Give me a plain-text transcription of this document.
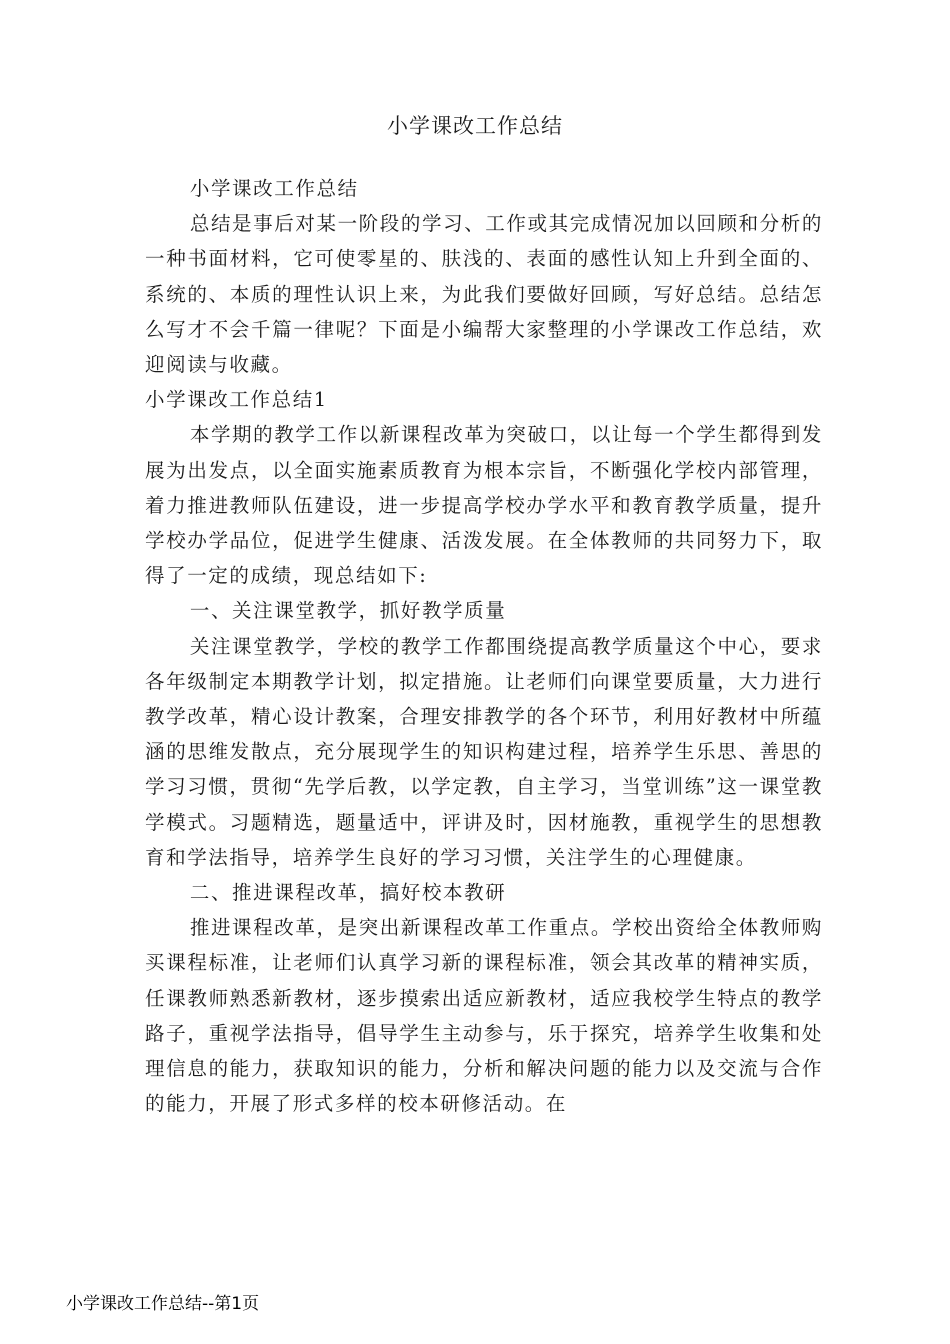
小学课改工作总结

小学课改工作总结

总结是事后对某一阶段的学习、工作或其完成情况加以回顾和分析的一种书面材料，它可使零星的、肤浅的、表面的感性认知上升到全面的、系统的、本质的理性认识上来，为此我们要做好回顾，写好总结。总结怎么写才不会千篇一律呢？下面是小编帮大家整理的小学课改工作总结，欢迎阅读与收藏。

小学课改工作总结1

本学期的教学工作以新课程改革为突破口，以让每一个学生都得到发展为出发点，以全面实施素质教育为根本宗旨，不断强化学校内部管理，着力推进教师队伍建设，进一步提高学校办学水平和教育教学质量，提升学校办学品位，促进学生健康、活泼发展。在全体教师的共同努力下，取得了一定的成绩，现总结如下:

一、关注课堂教学，抓好教学质量

关注课堂教学，学校的教学工作都围绕提高教学质量这个中心，要求各年级制定本期教学计划，拟定措施。让老师们向课堂要质量，大力进行教学改革，精心设计教案，合理安排教学的各个环节，利用好教材中所蕴涵的思维发散点，充分展现学生的知识构建过程，培养学生乐思、善思的学习习惯，贯彻“先学后教，以学定教，自主学习，当堂训练”这一课堂教学模式。习题精选，题量适中，评讲及时，因材施教，重视学生的思想教育和学法指导，培养学生良好的学习习惯，关注学生的心理健康。

二、推进课程改革，搞好校本教研

推进课程改革，是突出新课程改革工作重点。学校出资给全体教师购买课程标准，让老师们认真学习新的课程标准，领会其改革的精神实质，任课教师熟悉新教材，逐步摸索出适应新教材，适应我校学生特点的教学路子，重视学法指导，倡导学生主动参与，乐于探究，培养学生收集和处理信息的能力，获取知识的能力，分析和解决问题的能力以及交流与合作的能力，开展了形式多样的校本研修活动。在

小学课改工作总结--第1页
